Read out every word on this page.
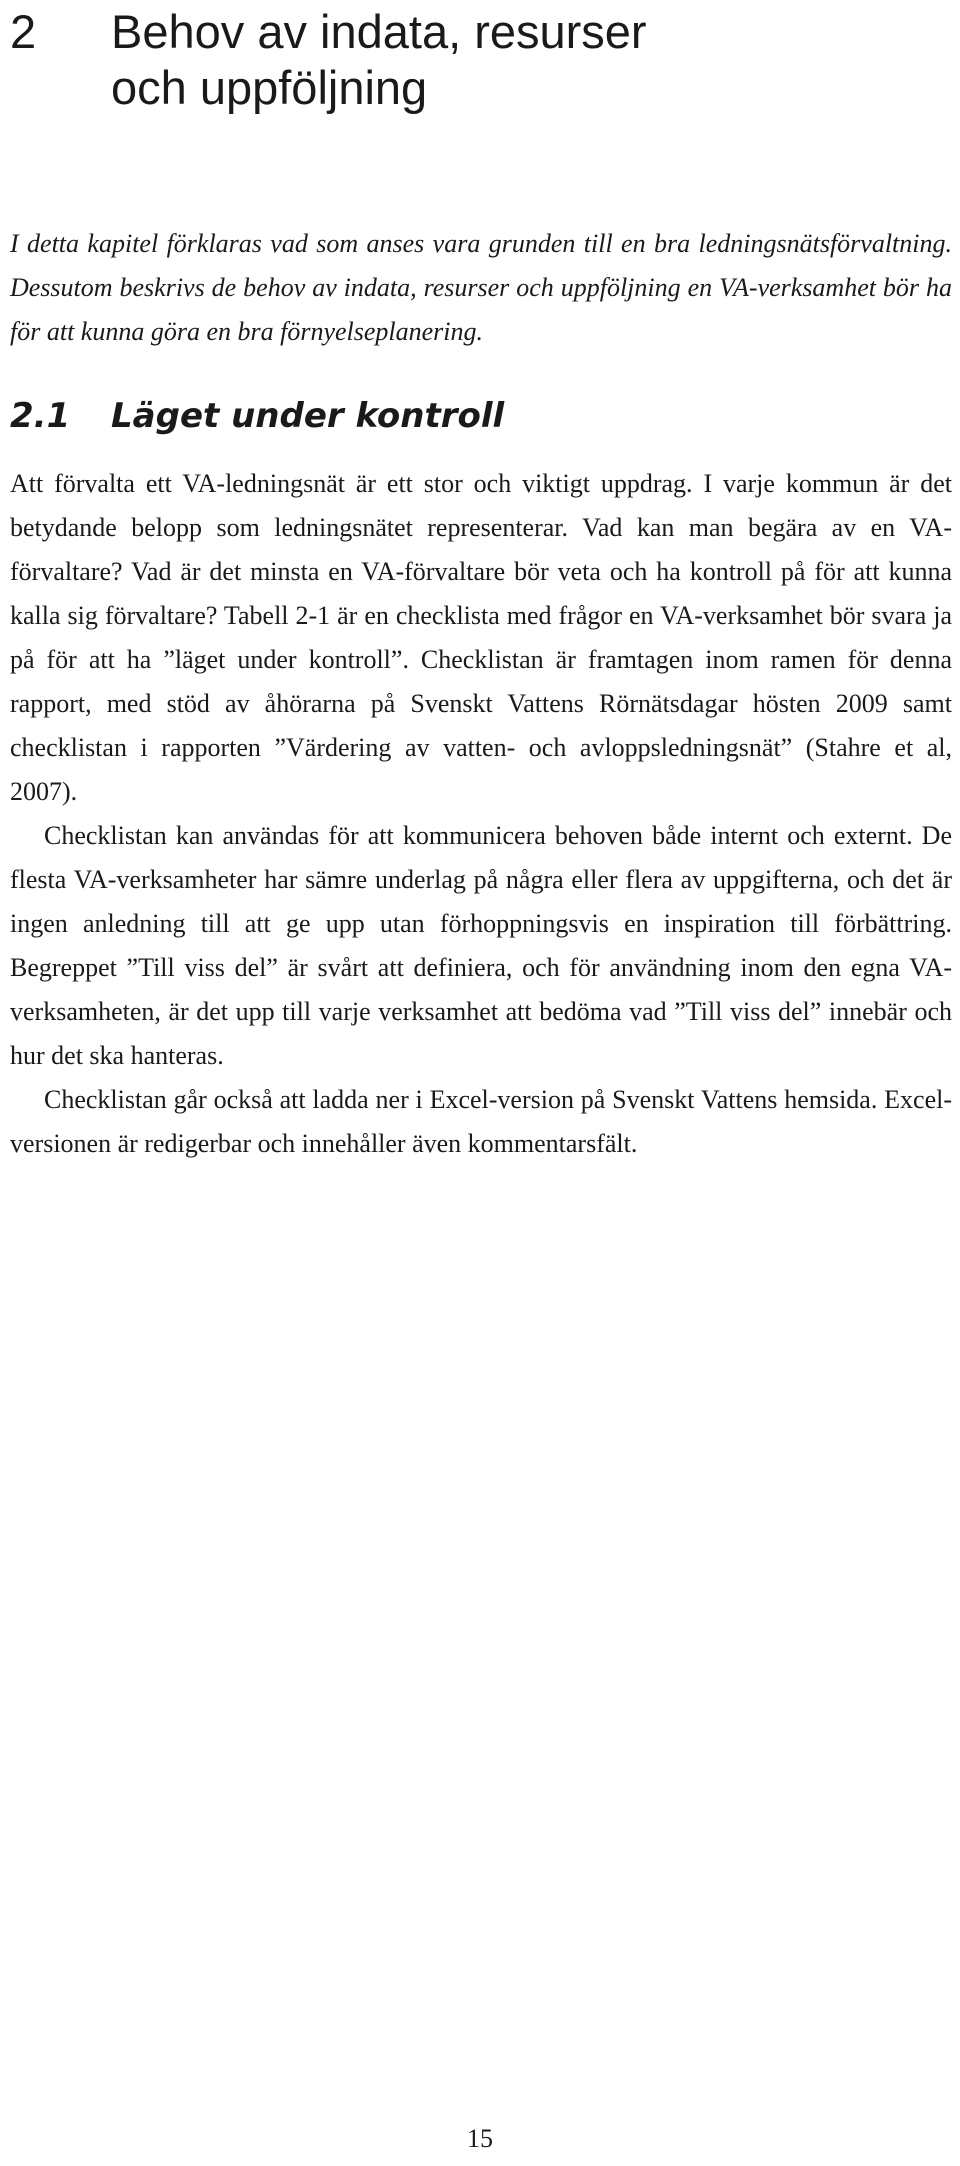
2	Behov av indata, resurser och uppföljning

I detta kapitel förklaras vad som anses vara grunden till en bra ledningsnätsförvaltning. Dessutom beskrivs de behov av indata, resurser och uppföljning en VA-verksamhet bör ha för att kunna göra en bra förnyelseplanering.

2.1	Läget under kontroll

Att förvalta ett VA-ledningsnät är ett stor och viktigt uppdrag. I varje kommun är det betydande belopp som ledningsnätet representerar. Vad kan man begära av en VA-förvaltare? Vad är det minsta en VA-förvaltare bör veta och ha kontroll på för att kunna kalla sig förvaltare? Tabell 2-1 är en checklista med frågor en VA-verksamhet bör svara ja på för att ha ”läget under kontroll”. Checklistan är framtagen inom ramen för denna rapport, med stöd av åhörarna på Svenskt Vattens Rörnätsdagar hösten 2009 samt checklistan i rapporten ”Värdering av vatten- och avloppsledningsnät” (Stahre et al, 2007).

Checklistan kan användas för att kommunicera behoven både internt och externt. De flesta VA-verksamheter har sämre underlag på några eller flera av uppgifterna, och det är ingen anledning till att ge upp utan förhoppningsvis en inspiration till förbättring. Begreppet ”Till viss del” är svårt att definiera, och för användning inom den egna VA-verksamheten, är det upp till varje verksamhet att bedöma vad ”Till viss del” innebär och hur det ska hanteras.

Checklistan går också att ladda ner i Excel-version på Svenskt Vattens hemsida. Excel-versionen är redigerbar och innehåller även kommentarsfält.

15
